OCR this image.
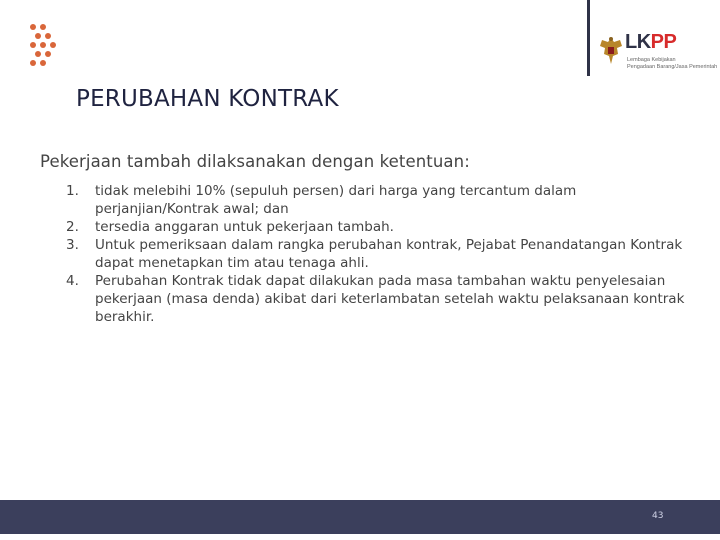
LKPP
Lembaga Kebijakan
Pengadaan Barang/Jasa Pemerintah
PERUBAHAN KONTRAK
Pekerjaan tambah dilaksanakan dengan ketentuan:
1. tidak melebihi 10% (sepuluh persen) dari harga yang tercantum dalam perjanjian/Kontrak awal; dan
2. tersedia anggaran untuk pekerjaan tambah.
3. Untuk pemeriksaan dalam rangka perubahan kontrak, Pejabat Penandatangan Kontrak dapat menetapkan tim atau tenaga ahli.
4. Perubahan Kontrak tidak dapat dilakukan pada masa tambahan waktu penyelesaian pekerjaan (masa denda) akibat dari keterlambatan setelah waktu pelaksanaan kontrak berakhir.
43
